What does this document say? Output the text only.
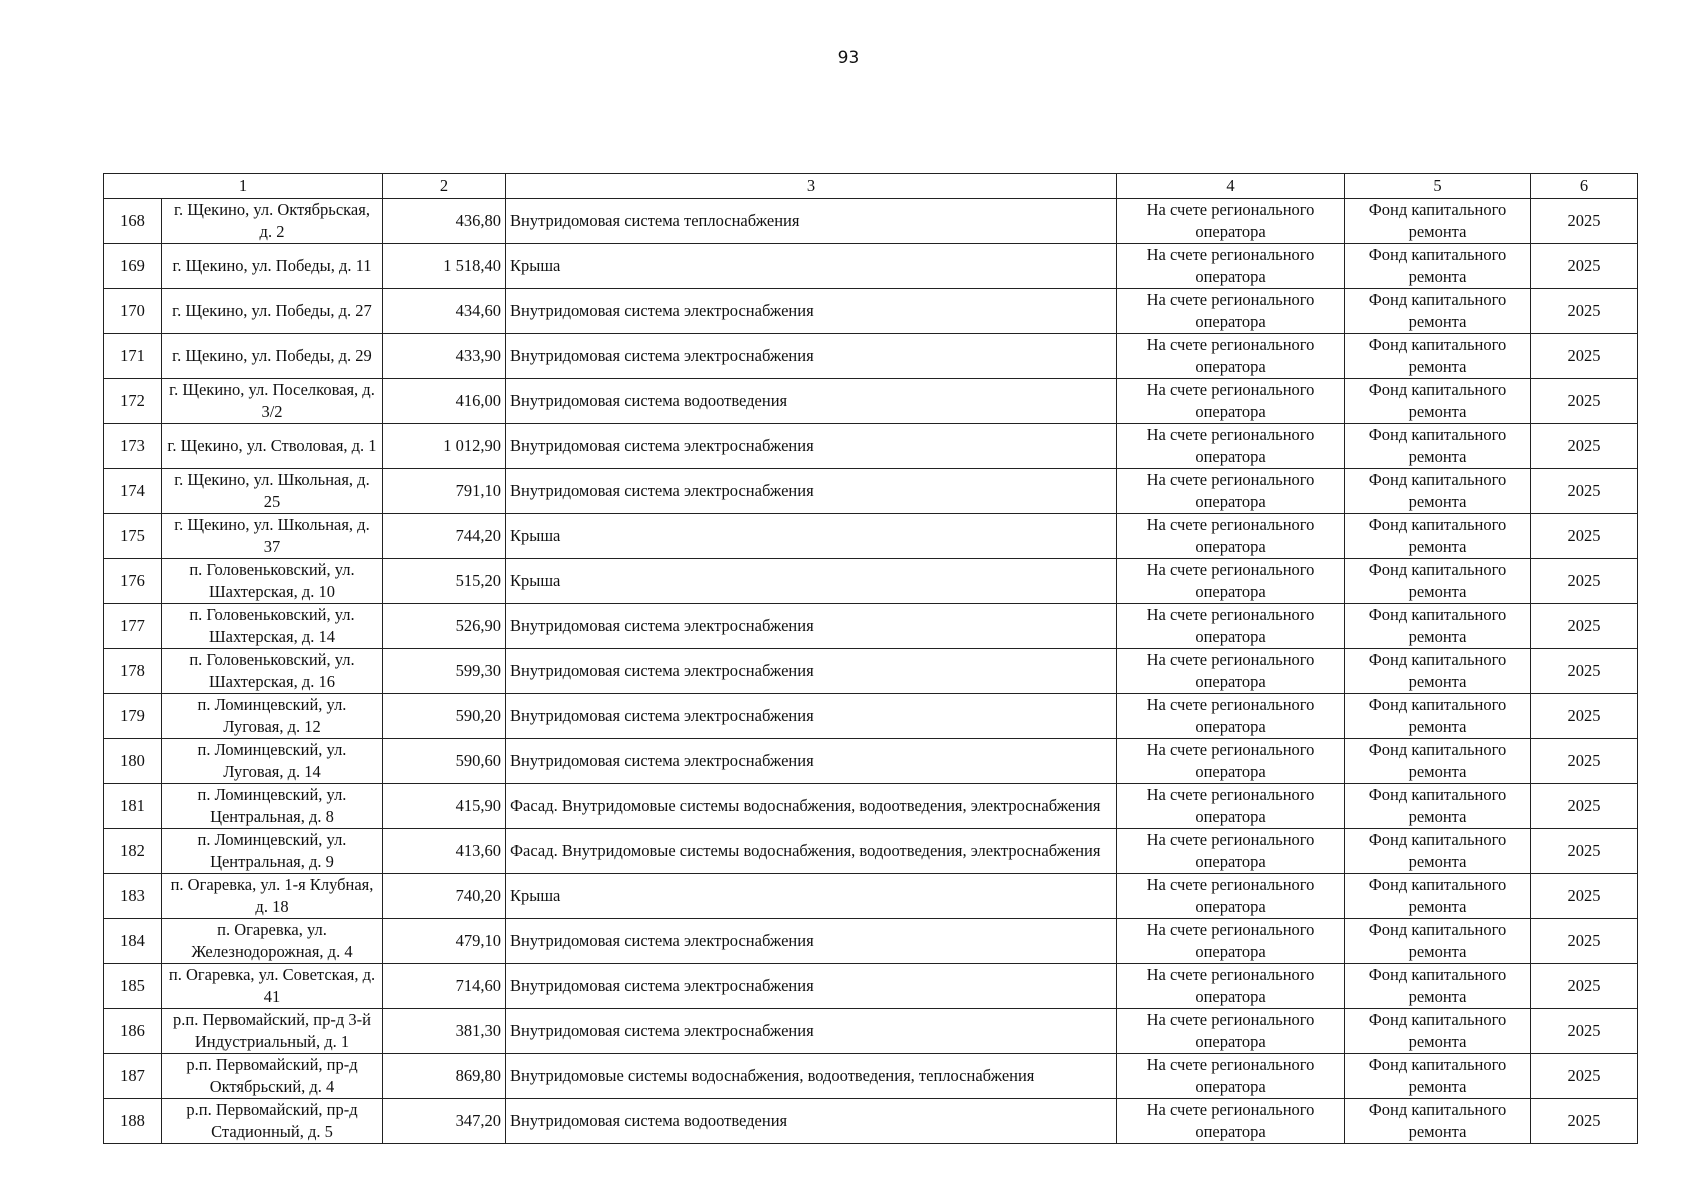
93
1		2	3	4	5	6
168	г. Щекино, ул. Октябрьская, д. 2	436,80	Внутридомовая система теплоснабжения	На счете регионального оператора	Фонд капитального ремонта	2025
169	г. Щекино, ул. Победы, д. 11	1 518,40	Крыша	На счете регионального оператора	Фонд капитального ремонта	2025
170	г. Щекино, ул. Победы, д. 27	434,60	Внутридомовая система электроснабжения	На счете регионального оператора	Фонд капитального ремонта	2025
171	г. Щекино, ул. Победы, д. 29	433,90	Внутридомовая система электроснабжения	На счете регионального оператора	Фонд капитального ремонта	2025
172	г. Щекино, ул. Поселковая, д. 3/2	416,00	Внутридомовая система водоотведения	На счете регионального оператора	Фонд капитального ремонта	2025
173	г. Щекино, ул. Стволовая, д. 1	1 012,90	Внутридомовая система электроснабжения	На счете регионального оператора	Фонд капитального ремонта	2025
174	г. Щекино, ул. Школьная, д. 25	791,10	Внутридомовая система электроснабжения	На счете регионального оператора	Фонд капитального ремонта	2025
175	г. Щекино, ул. Школьная, д. 37	744,20	Крыша	На счете регионального оператора	Фонд капитального ремонта	2025
176	п. Головеньковский, ул. Шахтерская, д. 10	515,20	Крыша	На счете регионального оператора	Фонд капитального ремонта	2025
177	п. Головеньковский, ул. Шахтерская, д. 14	526,90	Внутридомовая система электроснабжения	На счете регионального оператора	Фонд капитального ремонта	2025
178	п. Головеньковский, ул. Шахтерская, д. 16	599,30	Внутридомовая система электроснабжения	На счете регионального оператора	Фонд капитального ремонта	2025
179	п. Ломинцевский, ул. Луговая, д. 12	590,20	Внутридомовая система электроснабжения	На счете регионального оператора	Фонд капитального ремонта	2025
180	п. Ломинцевский, ул. Луговая, д. 14	590,60	Внутридомовая система электроснабжения	На счете регионального оператора	Фонд капитального ремонта	2025
181	п. Ломинцевский, ул. Центральная, д. 8	415,90	Фасад. Внутридомовые системы водоснабжения, водоотведения, электроснабжения	На счете регионального оператора	Фонд капитального ремонта	2025
182	п. Ломинцевский, ул. Центральная, д. 9	413,60	Фасад. Внутридомовые системы водоснабжения, водоотведения, электроснабжения	На счете регионального оператора	Фонд капитального ремонта	2025
183	п. Огаревка, ул. 1-я Клубная, д. 18	740,20	Крыша	На счете регионального оператора	Фонд капитального ремонта	2025
184	п. Огаревка, ул. Железнодорожная, д. 4	479,10	Внутридомовая система электроснабжения	На счете регионального оператора	Фонд капитального ремонта	2025
185	п. Огаревка, ул. Советская, д. 41	714,60	Внутридомовая система электроснабжения	На счете регионального оператора	Фонд капитального ремонта	2025
186	р.п. Первомайский, пр-д 3-й Индустриальный, д. 1	381,30	Внутридомовая система электроснабжения	На счете регионального оператора	Фонд капитального ремонта	2025
187	р.п. Первомайский, пр-д Октябрьский, д. 4	869,80	Внутридомовые системы водоснабжения, водоотведения, теплоснабжения	На счете регионального оператора	Фонд капитального ремонта	2025
188	р.п. Первомайский, пр-д Стадионный, д. 5	347,20	Внутридомовая система водоотведения	На счете регионального оператора	Фонд капитального ремонта	2025
